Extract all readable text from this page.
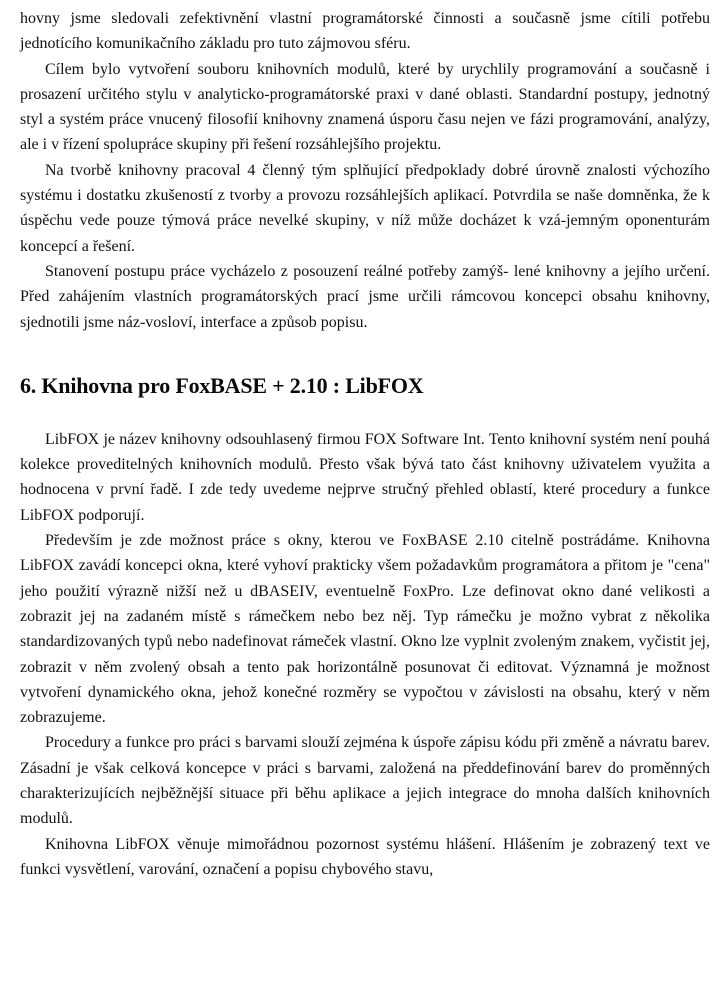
hovny jsme sledovali zefektivnění vlastní programátorské činnosti a současně jsme cítili potřebu jednotícího komunikačního základu pro tuto zájmovou sféru.

Cílem bylo vytvoření souboru knihovních modulů, které by urychlily programování a současně i prosazení určitého stylu v analyticko-programátorské praxi v dané oblasti. Standardní postupy, jednotný styl a systém práce vnucený filosofií knihovny znamená úsporu času nejen ve fázi programování, analýzy, ale i v řízení spolupráce skupiny při řešení rozsáhlejšího projektu.

Na tvorbě knihovny pracoval 4 členný tým splňující předpoklady dobré úrovně znalosti výchozího systému i dostatku zkušeností z tvorby a provozu rozsáhlejších aplikací. Potvrdila se naše domněnka, že k úspěchu vede pouze týmová práce nevelké skupiny, v níž může docházet k vzá-jemným oponenturám koncepcí a řešení.

Stanovení postupu práce vycházelo z posouzení reálné potřeby zamýš- lené knihovny a jejího určení. Před zahájením vlastních programátorských prací jsme určili rámcovou koncepci obsahu knihovny, sjednotili jsme náz-vosloví, interface a způsob popisu.

6. Knihovna pro FoxBASE + 2.10 : LibFOX

LibFOX je název knihovny odsouhlasený firmou FOX Software Int. Tento knihovní systém není pouhá kolekce proveditelných knihovních modulů. Přesto však bývá tato část knihovny uživatelem využita a hodnocena v první řadě. I zde tedy uvedeme nejprve stručný přehled oblastí, které procedury a funkce LibFOX podporují.

Především je zde možnost práce s okny, kterou ve FoxBASE 2.10 citelně postrádáme. Knihovna LibFOX zavádí koncepci okna, které vyhoví prakticky všem požadavkům programátora a přitom je "cena" jeho použití výrazně nižší než u dBASEIV, eventuelně FoxPro. Lze definovat okno dané velikosti a zobrazit jej na zadaném místě s rámečkem nebo bez něj. Typ rámečku je možno vybrat z několika standardizovaných typů nebo nadefinovat rámeček vlastní. Okno lze vyplnit zvoleným znakem, vyčistit jej, zobrazit v něm zvolený obsah a tento pak horizontálně posunovat či editovat. Významná je možnost vytvoření dynamického okna, jehož konečné rozměry se vypočtou v závislosti na obsahu, který v něm zobrazujeme.

Procedury a funkce pro práci s barvami slouží zejména k úspoře zápisu kódu při změně a návratu barev. Zásadní je však celková koncepce v práci s barvami, založená na předdefinování barev do proměnných charakterizujících nejběžnější situace při běhu aplikace a jejich integrace do mnoha dalších knihovních modulů.

Knihovna LibFOX věnuje mimořádnou pozornost systému hlášení. Hlášením je zobrazený text ve funkci vysvětlení, varování, označení a popisu chybového stavu,
